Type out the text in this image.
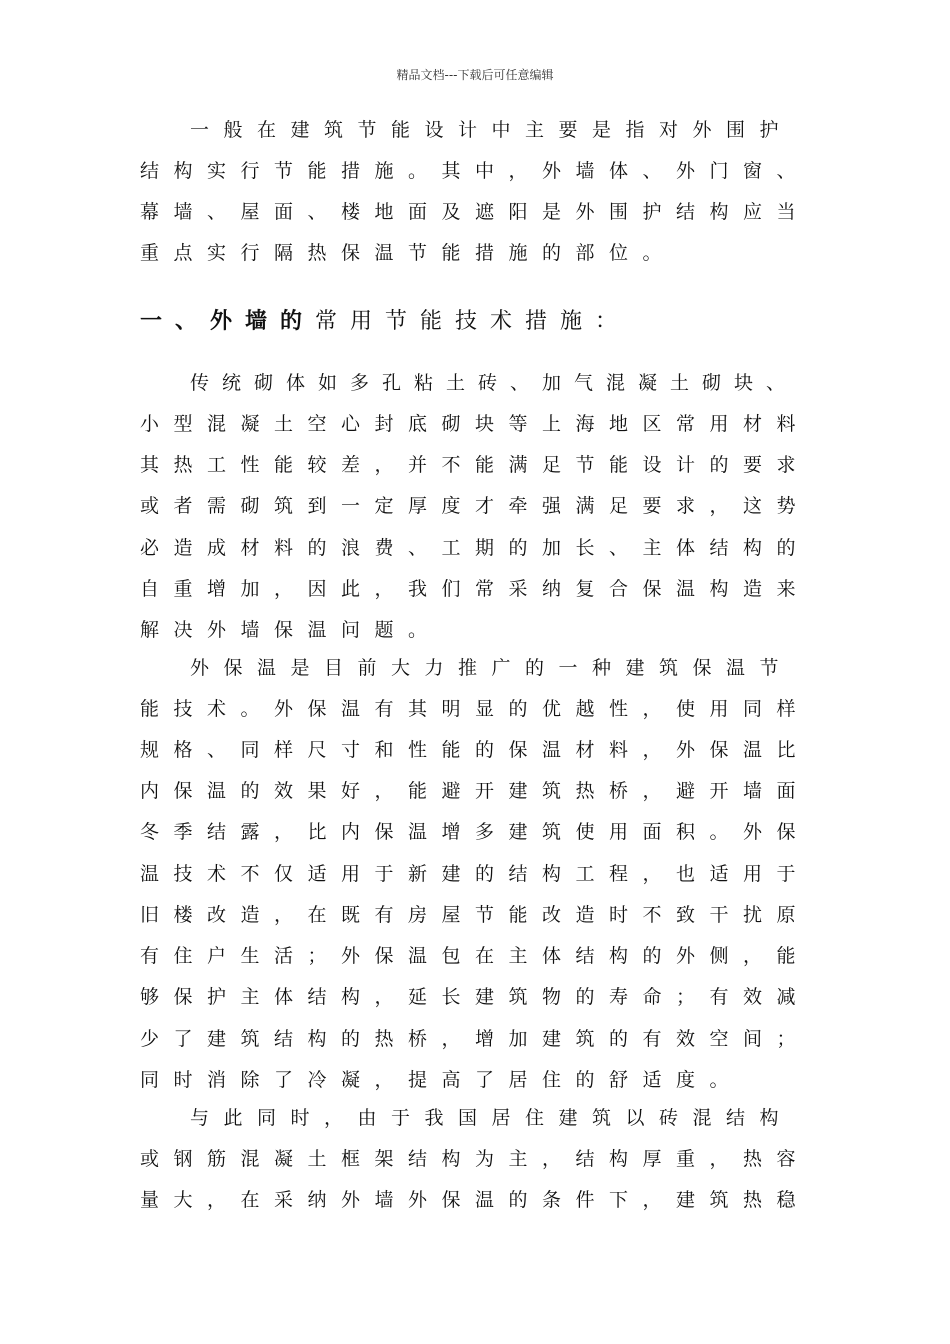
精品文档---下载后可任意编辑
一般在建筑节能设计中主要是指对外围护
结构实行节能措施。其中，外墙体、外门窗、
幕墙、屋面、楼地面及遮阳是外围护结构应当
重点实行隔热保温节能措施的部位。
一、外墙的常用节能技术措施：
传统砌体如多孔粘土砖、加气混凝土砌块、
小型混凝土空心封底砌块等上海地区常用材料
其热工性能较差，并不能满足节能设计的要求
或者需砌筑到一定厚度才牵强满足要求，这势
必造成材料的浪费、工期的加长、主体结构的
自重增加，因此，我们常采纳复合保温构造来
解决外墙保温问题。
外保温是目前大力推广的一种建筑保温节
能技术。外保温有其明显的优越性，使用同样
规格、同样尺寸和性能的保温材料，外保温比
内保温的效果好，能避开建筑热桥，避开墙面
冬季结露，比内保温增多建筑使用面积。外保
温技术不仅适用于新建的结构工程，也适用于
旧楼改造，在既有房屋节能改造时不致干扰原
有住户生活；外保温包在主体结构的外侧，能
够保护主体结构，延长建筑物的寿命；有效减
少了建筑结构的热桥，增加建筑的有效空间；
同时消除了冷凝，提高了居住的舒适度。
与此同时，由于我国居住建筑以砖混结构
或钢筋混凝土框架结构为主，结构厚重，热容
量大，在采纳外墙外保温的条件下，建筑热稳
